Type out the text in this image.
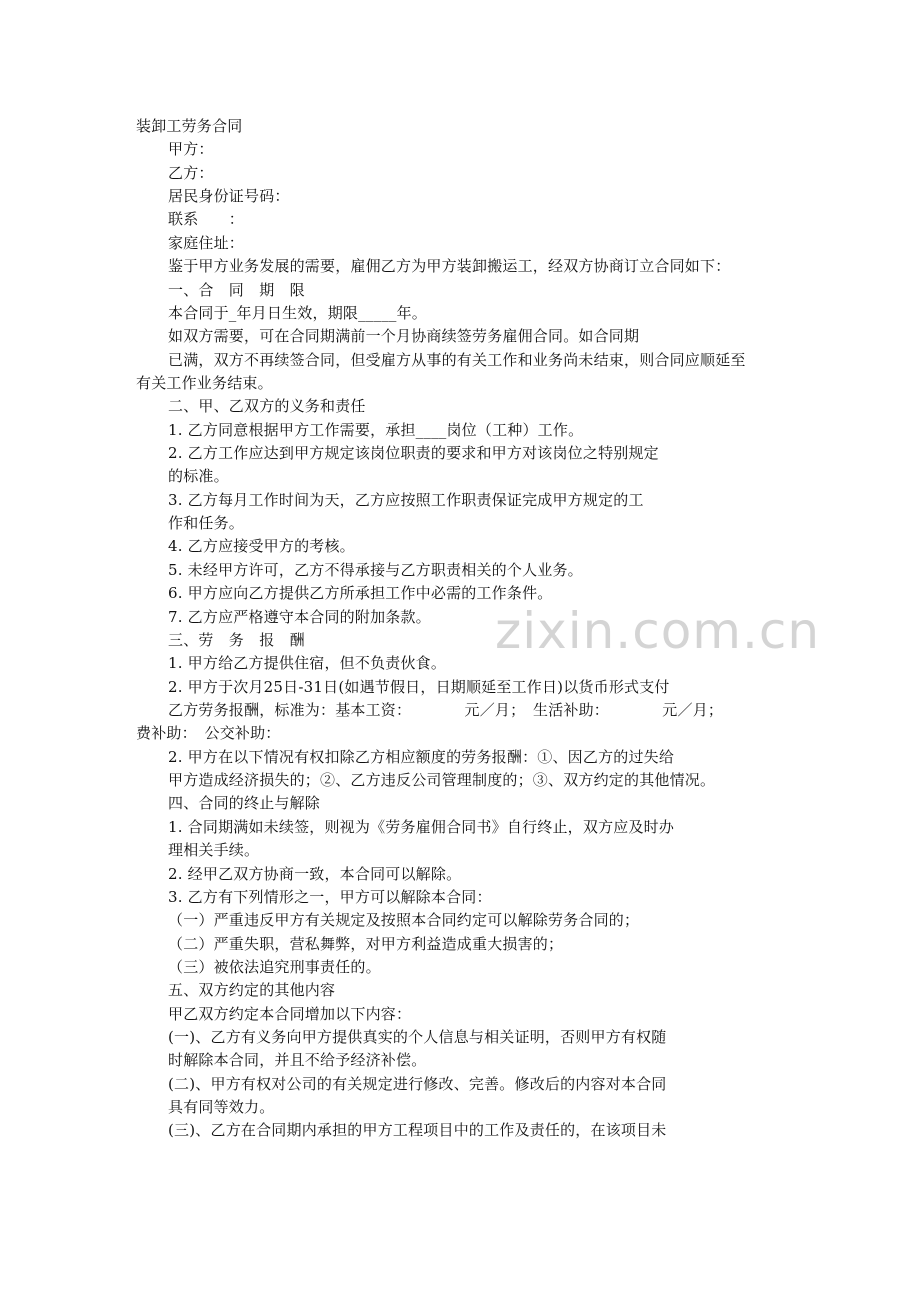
zixin.com.cn
装卸工劳务合同
甲方：
乙方：
居民身份证号码：
联系　　：
家庭住址：
鉴于甲方业务发展的需要，雇佣乙方为甲方装卸搬运工，经双方协商订立合同如下：
一、合　同　期　限
本合同于_年月日生效，期限_____年。
如双方需要，可在合同期满前一个月协商续签劳务雇佣合同。如合同期
已满，双方不再续签合同，但受雇方从事的有关工作和业务尚未结束，则合同应顺延至
有关工作业务结束。
二、甲、乙双方的义务和责任
1. 乙方同意根据甲方工作需要，承担____岗位（工种）工作。
2. 乙方工作应达到甲方规定该岗位职责的要求和甲方对该岗位之特别规定
的标准。
3. 乙方每月工作时间为天，乙方应按照工作职责保证完成甲方规定的工
作和任务。
4. 乙方应接受甲方的考核。
5. 未经甲方许可，乙方不得承接与乙方职责相关的个人业务。
6. 甲方应向乙方提供乙方所承担工作中必需的工作条件。
7. 乙方应严格遵守本合同的附加条款。
三、劳　务　报　酬
1. 甲方给乙方提供住宿，但不负责伙食。
2. 甲方于次月25日-31日(如遇节假日，日期顺延至工作日)以货币形式支付
乙方劳务报酬，标准为：基本工资：　　　　元／月；　生活补助：　　　　元／月；
费补助：　公交补助：
2. 甲方在以下情况有权扣除乙方相应额度的劳务报酬：①、因乙方的过失给
甲方造成经济损失的；②、乙方违反公司管理制度的；③、双方约定的其他情况。
四、合同的终止与解除
1. 合同期满如未续签，则视为《劳务雇佣合同书》自行终止，双方应及时办
理相关手续。
2. 经甲乙双方协商一致，本合同可以解除。
3. 乙方有下列情形之一，甲方可以解除本合同：
（一）严重违反甲方有关规定及按照本合同约定可以解除劳务合同的；
（二）严重失职，营私舞弊，对甲方利益造成重大损害的；
（三）被依法追究刑事责任的。
五、双方约定的其他内容
甲乙双方约定本合同增加以下内容：
(一)、乙方有义务向甲方提供真实的个人信息与相关证明，否则甲方有权随
时解除本合同，并且不给予经济补偿。
(二)、甲方有权对公司的有关规定进行修改、完善。修改后的内容对本合同
具有同等效力。
(三)、乙方在合同期内承担的甲方工程项目中的工作及责任的，在该项目未
